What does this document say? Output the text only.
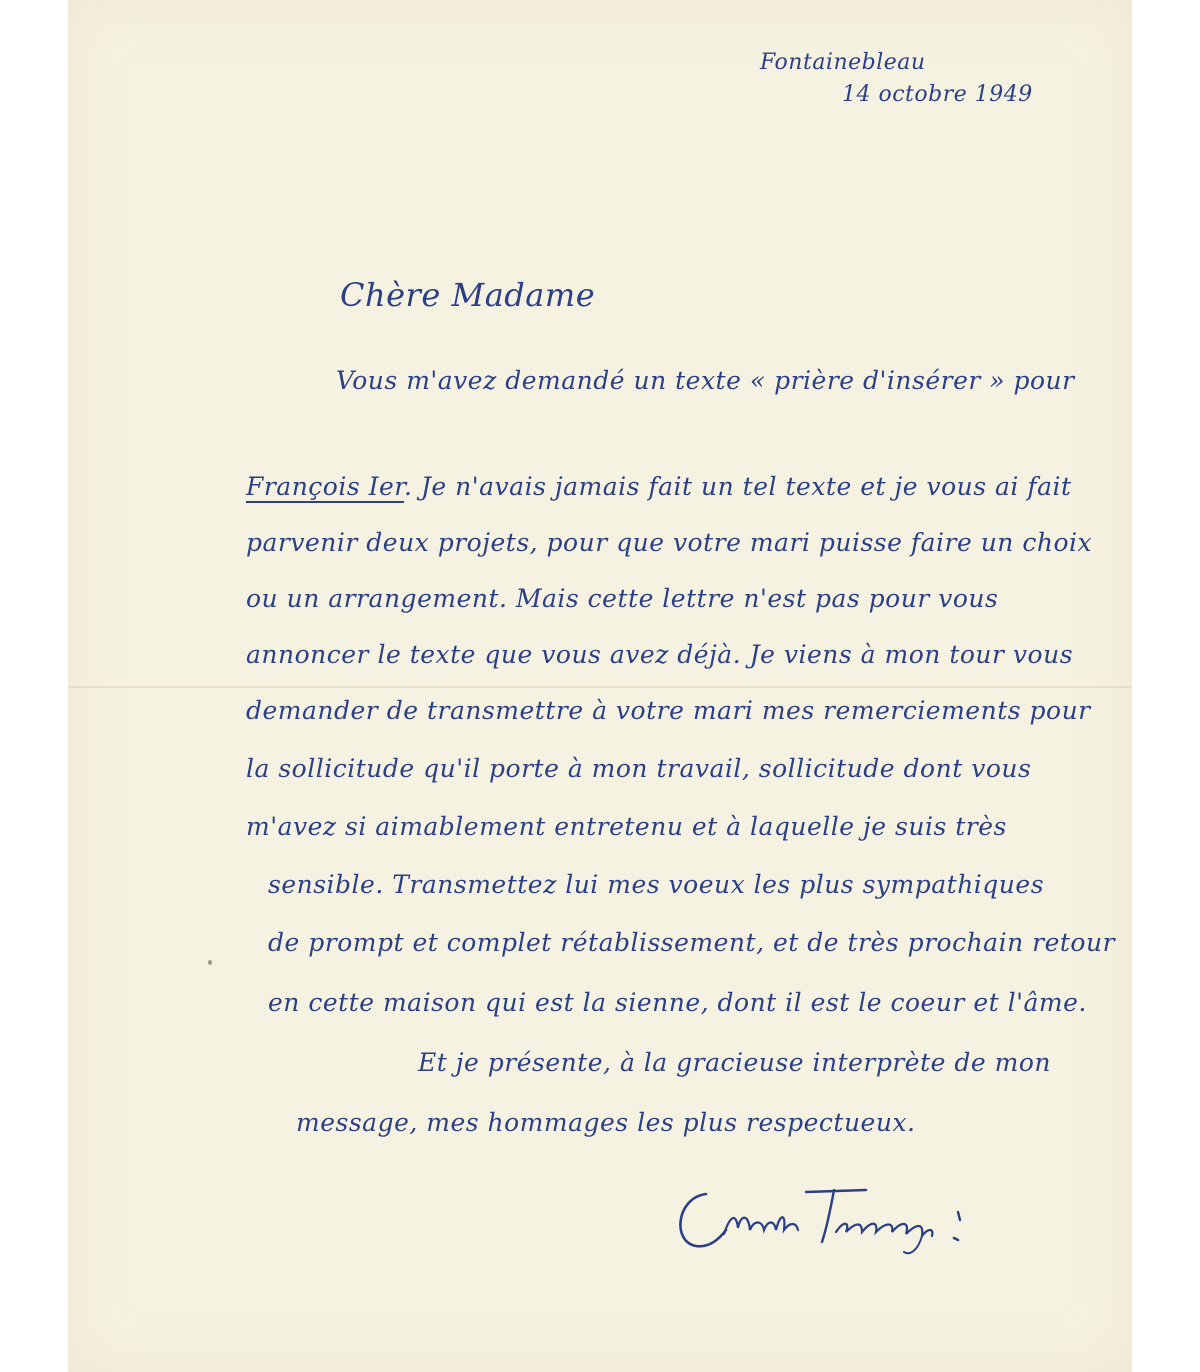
Fontainebleau
14 octobre 1949
Chère Madame
Vous m'avez demandé un texte « prière d'insérer » pour
François Ier. Je n'avais jamais fait un tel texte et je vous ai fait
parvenir deux projets, pour que votre mari puisse faire un choix
ou un arrangement. Mais cette lettre n'est pas pour vous
annoncer le texte que vous avez déjà. Je viens à mon tour vous
demander de transmettre à votre mari mes remerciements pour
la sollicitude qu'il porte à mon travail, sollicitude dont vous
m'avez si aimablement entretenu et à laquelle je suis très
sensible. Transmettez lui mes voeux les plus sympathiques
de prompt et complet rétablissement, et de très prochain retour
en cette maison qui est la sienne, dont il est le coeur et l'âme.
Et je présente, à la gracieuse interprète de mon
message, mes hommages les plus respectueux.
